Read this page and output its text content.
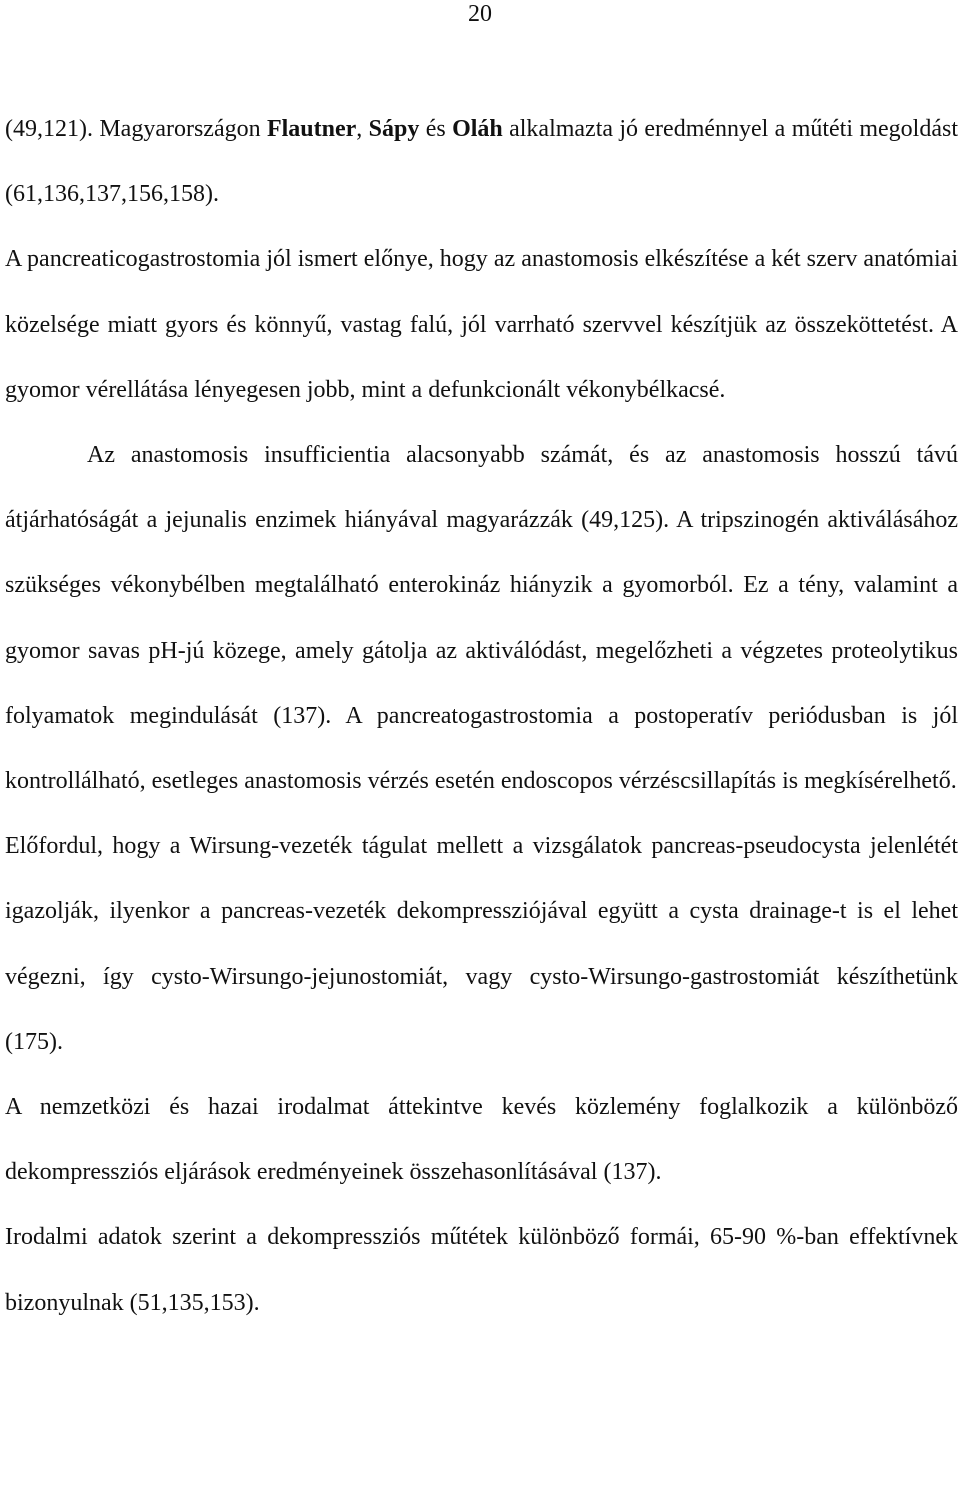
20

(49,121). Magyarországon Flautner, Sápy és Oláh alkalmazta jó eredménnyel a műtéti megoldást (61,136,137,156,158).

A pancreaticogastrostomia jól ismert előnye, hogy az anastomosis elkészítése a két szerv anatómiai közelsége miatt gyors és könnyű, vastag falú, jól varrható szervvel készítjük az összeköttetést. A gyomor vérellátása lényegesen jobb, mint a defunkcionált vékonybélkacsé.

Az anastomosis insufficientia alacsonyabb számát, és az anastomosis hosszú távú átjárhatóságát a jejunalis enzimek hiányával magyarázzák (49,125). A tripszinogén aktiválásához szükséges vékonybélben megtalálható enterokináz hiányzik a gyomorból. Ez a tény, valamint a gyomor savas pH-jú közege, amely gátolja az aktiválódást, megelőzheti a végzetes proteolytikus folyamatok megindulását (137). A pancreatogastrostomia a postoperatív periódusban is jól kontrollálható, esetleges anastomosis vérzés esetén endoscopos vérzéscsillapítás is megkísérelhető.

Előfordul, hogy a Wirsung-vezeték tágulat mellett a vizsgálatok pancreas-pseudocysta jelenlétét igazolják, ilyenkor a pancreas-vezeték dekompressziójával együtt a cysta drainage-t is el lehet végezni, így cysto-Wirsungo-jejunostomiát, vagy cysto-Wirsungo-gastrostomiát készíthetünk (175).

A nemzetközi és hazai irodalmat áttekintve kevés közlemény foglalkozik a különböző dekompressziós eljárások eredményeinek összehasonlításával (137).

Irodalmi adatok szerint a dekompressziós műtétek különböző formái, 65-90 %-ban effektívnek bizonyulnak (51,135,153).
